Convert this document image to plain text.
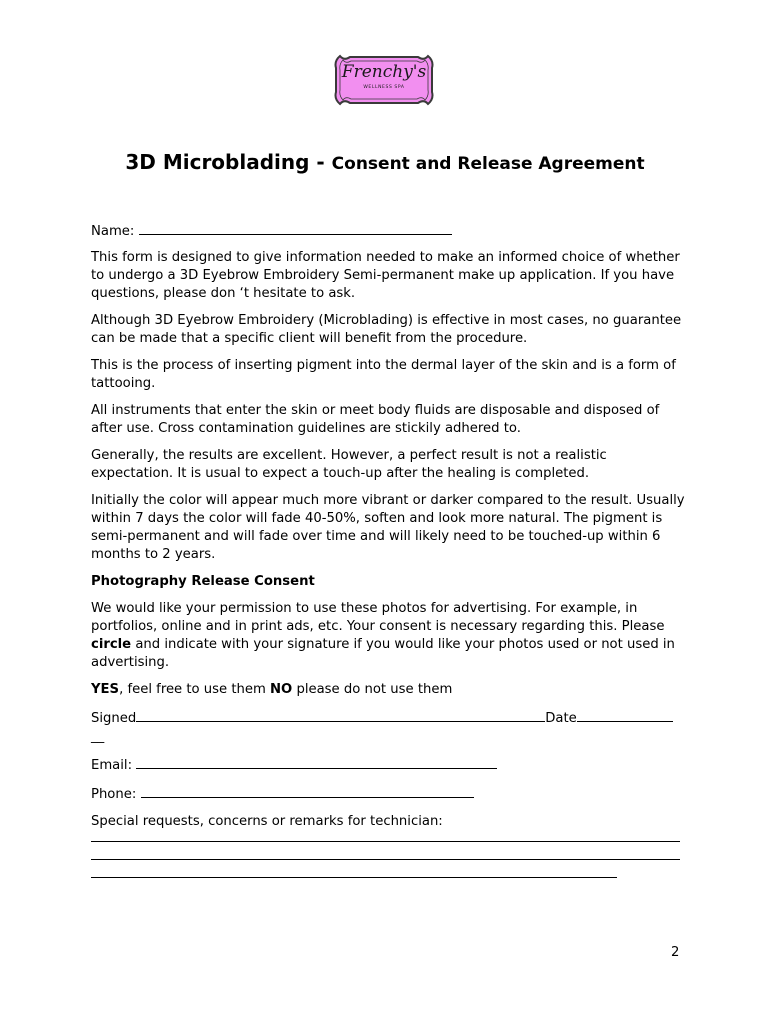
Frenchy's
WELLNESS SPA
3D Microblading - Consent and Release Agreement

Name:

This form is designed to give information needed to make an informed choice of whether to undergo a 3D Eyebrow Embroidery Semi-permanent make up application. If you have questions, please don ‘t hesitate to ask.

Although 3D Eyebrow Embroidery (Microblading) is effective in most cases, no guarantee can be made that a specific client will benefit from the procedure.

This is the process of inserting pigment into the dermal layer of the skin and is a form of tattooing.

All instruments that enter the skin or meet body fluids are disposable and disposed of after use. Cross contamination guidelines are stickily adhered to.

Generally, the results are excellent. However, a perfect result is not a realistic expectation. It is usual to expect a touch-up after the healing is completed.

Initially the color will appear much more vibrant or darker compared to the result. Usually within 7 days the color will fade 40-50%, soften and look more natural. The pigment is semi-permanent and will fade over time and will likely need to be touched-up within 6 months to 2 years.

Photography Release Consent

We would like your permission to use these photos for advertising. For example, in portfolios, online and in print ads, etc. Your consent is necessary regarding this. Please circle and indicate with your signature if you would like your photos used or not used in advertising.

YES, feel free to use them NO please do not use them

Signed	Date

__

Email:

Phone:

Special requests, concerns or remarks for technician:

2
